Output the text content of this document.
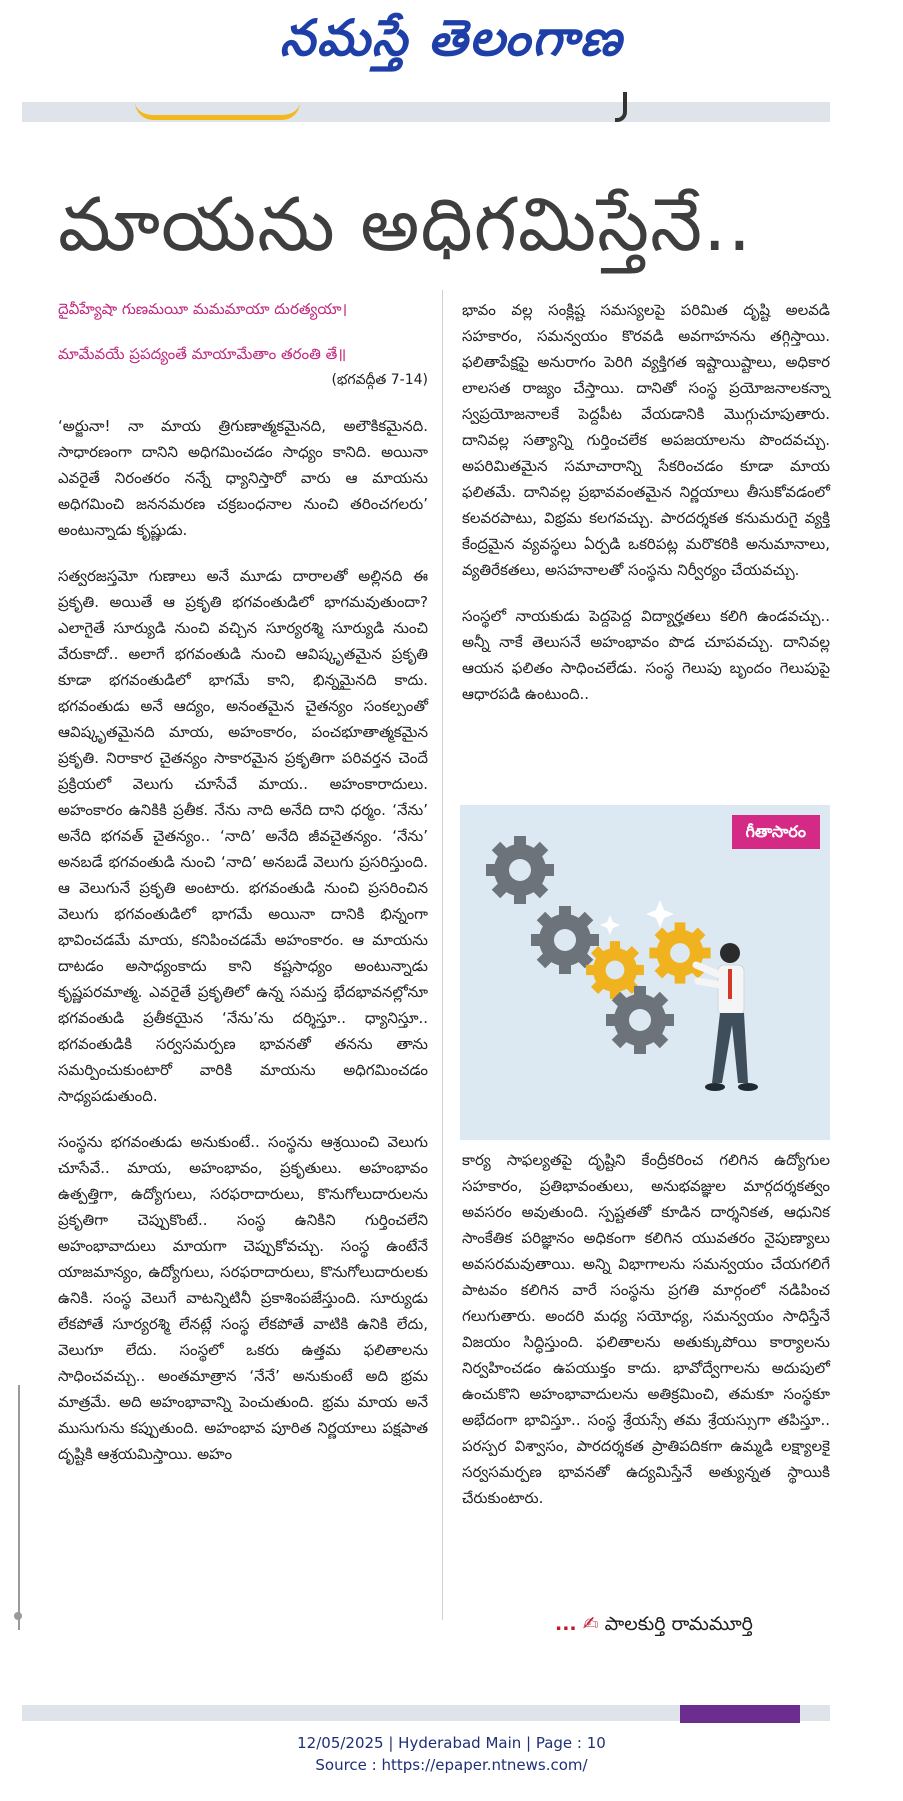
నమస్తే తెలంగాణ
మాయను అధిగమిస్తేనే..

దైవీహ్యేషా గుణమయీ మమమాయా దురత్యయా।

మామేవయే ప్రపద్యంతే మాయామేతాం తరంతి తే॥

(భగవద్గీత 7-14)

‘అర్జునా! నా మాయ త్రిగుణాత్మకమైనది, అలౌకికమైనది. సాధారణంగా దానిని అధిగమించడం సాధ్యం కానిది. అయినా ఎవరైతే నిరంతరం నన్నే ధ్యానిస్తారో వారు ఆ మాయను అధిగమించి జననమరణ చక్రబంధనాల నుంచి తరించగలరు’ అంటున్నాడు కృష్ణుడు.

సత్వరజస్తమో గుణాలు అనే మూడు దారాలతో అల్లినది ఈ ప్రకృతి. అయితే ఆ ప్రకృతి భగవంతుడిలో భాగమవుతుందా? ఎలాగైతే సూర్యుడి నుంచి వచ్చిన సూర్యరశ్మి సూర్యుడి నుంచి వేరుకాదో.. అలాగే భగవంతుడి నుంచి ఆవిష్కృతమైన ప్రకృతి కూడా భగవంతుడిలో భాగమే కాని, భిన్నమైనది కాదు. భగవంతుడు అనే ఆద్యం, అనంతమైన చైతన్యం సంకల్పంతో ఆవిష్కృతమైనది మాయ, అహంకారం, పంచభూతాత్మకమైన ప్రకృతి. నిరాకార చైతన్యం సాకారమైన ప్రకృతిగా పరివర్తన చెందే ప్రక్రియలో వెలుగు చూసేవే మాయ.. అహంకారాదులు. అహంకారం ఉనికికి ప్రతీక. నేను నాది అనేది దాని ధర్మం. ‘నేను’ అనేది భగవత్ చైతన్యం.. ‘నాది’ అనేది జీవచైతన్యం. ‘నేను’ అనబడే భగవంతుడి నుంచి ‘నాది’ అనబడే వెలుగు ప్రసరిస్తుంది. ఆ వెలుగునే ప్రకృతి అంటారు. భగవంతుడి నుంచి ప్రసరించిన వెలుగు భగవంతుడిలో భాగమే అయినా దానికి భిన్నంగా భావించడమే మాయ, కనిపించడమే అహంకారం. ఆ మాయను దాటడం అసాధ్యంకాదు కాని కష్టసాధ్యం అంటున్నాడు కృష్ణపరమాత్మ. ఎవరైతే ప్రకృతిలో ఉన్న సమస్త భేదభావనల్లోనూ భగవంతుడి ప్రతీకయైన ‘నేను’ను దర్శిస్తూ.. ధ్యానిస్తూ.. భగవంతుడికి సర్వసమర్పణ భావనతో తనను తాను సమర్పించుకుంటారో వారికి మాయను అధిగమించడం సాధ్యపడుతుంది.

సంస్థను భగవంతుడు అనుకుంటే.. సంస్థను ఆశ్రయించి వెలుగు చూసేవే.. మాయ, అహంభావం, ప్రకృతులు. అహంభావం ఉత్పత్తిగా, ఉద్యోగులు, సరఫరాదారులు, కొనుగోలుదారులను ప్రకృతిగా చెప్పుకొంటే.. సంస్థ ఉనికిని గుర్తించలేని అహంభావాదులు మాయగా చెప్పుకోవచ్చు. సంస్థ ఉంటేనే యాజమాన్యం, ఉద్యోగులు, సరఫరాదారులు, కొనుగోలుదారులకు ఉనికి. సంస్థ వెలుగే వాటన్నిటినీ ప్రకాశింపజేస్తుంది. సూర్యుడు లేకపోతే సూర్యరశ్మి లేనట్లే సంస్థ లేకపోతే వాటికి ఉనికి లేదు, వెలుగూ లేదు. సంస్థలో ఒకరు ఉత్తమ ఫలితాలను సాధించవచ్చు.. అంతమాత్రాన ‘నేనే’ అనుకుంటే అది భ్రమ మాత్రమే. అది అహంభావాన్ని పెంచుతుంది. భ్రమ మాయ అనే ముసుగును కప్పుతుంది. అహంభావ పూరిత నిర్ణయాలు పక్షపాత దృష్టికి ఆశ్రయమిస్తాయి. అహం

భావం వల్ల సంక్లిష్ట సమస్యలపై పరిమిత దృష్టి అలవడి సహకారం, సమన్వయం కొరవడి అవగాహనను తగ్గిస్తాయి. ఫలితాపేక్షపై అనురాగం పెరిగి వ్యక్తిగత ఇష్టాయిష్టాలు, అధికార లాలసత రాజ్యం చేస్తాయి. దానితో సంస్థ ప్రయోజనాలకన్నా స్వప్రయోజనాలకే పెద్దపీట వేయడానికి మొగ్గుచూపుతారు. దానివల్ల సత్యాన్ని గుర్తించలేక అపజయాలను పొందవచ్చు. అపరిమితమైన సమాచారాన్ని సేకరించడం కూడా మాయ ఫలితమే. దానివల్ల ప్రభావవంతమైన నిర్ణయాలు తీసుకోవడంలో కలవరపాటు, విభ్రమ కలగవచ్చు. పారదర్శకత కనుమరుగై వ్యక్తి కేంద్రమైన వ్యవస్థలు ఏర్పడి ఒకరిపట్ల మరొకరికి అనుమానాలు, వ్యతిరేకతలు, అసహనాలతో సంస్థను నిర్వీర్యం చేయవచ్చు.

సంస్థలో నాయకుడు పెద్దపెద్ద విద్యార్హతలు కలిగి ఉండవచ్చు.. అన్నీ నాకే తెలుసనే అహంభావం పొడ చూపవచ్చు. దానివల్ల ఆయన ఫలితం సాధించలేడు. సంస్థ గెలుపు బృందం గెలుపుపై ఆధారపడి ఉంటుంది..

గీతాసారం

కార్య సాఫల్యతపై దృష్టిని కేంద్రీకరించ గలిగిన ఉద్యోగుల సహకారం, ప్రతిభావంతులు, అనుభవజ్ఞుల మార్గదర్శకత్వం అవసరం అవుతుంది. స్పష్టతతో కూడిన దార్శనికత, ఆధునిక సాంకేతిక పరిజ్ఞానం అధికంగా కలిగిన యువతరం నైపుణ్యాలు అవసరమవుతాయి. అన్ని విభాగాలను సమన్వయం చేయగలిగే పాటవం కలిగిన వారే సంస్థను ప్రగతి మార్గంలో నడిపించ గలుగుతారు. అందరి మధ్య సయోధ్య, సమన్వయం సాధిస్తేనే విజయం సిద్ధిస్తుంది. ఫలితాలను అతుక్కుపోయి కార్యాలను నిర్వహించడం ఉపయుక్తం కాదు. భావోద్వేగాలను అదుపులో ఉంచుకొని అహంభావాదులను అతిక్రమించి, తమకూ సంస్థకూ అభేదంగా భావిస్తూ.. సంస్థ శ్రేయస్సే తమ శ్రేయస్సుగా తపిస్తూ.. పరస్పర విశ్వాసం, పారదర్శకత ప్రాతిపదికగా ఉమ్మడి లక్ష్యాలకై సర్వసమర్పణ భావనతో ఉద్యమిస్తేనే అత్యున్నత స్థాయికి చేరుకుంటారు.

... ✍ పాలకుర్తి రామమూర్తి
12/05/2025 | Hyderabad Main | Page : 10
Source : https://epaper.ntnews.com/
